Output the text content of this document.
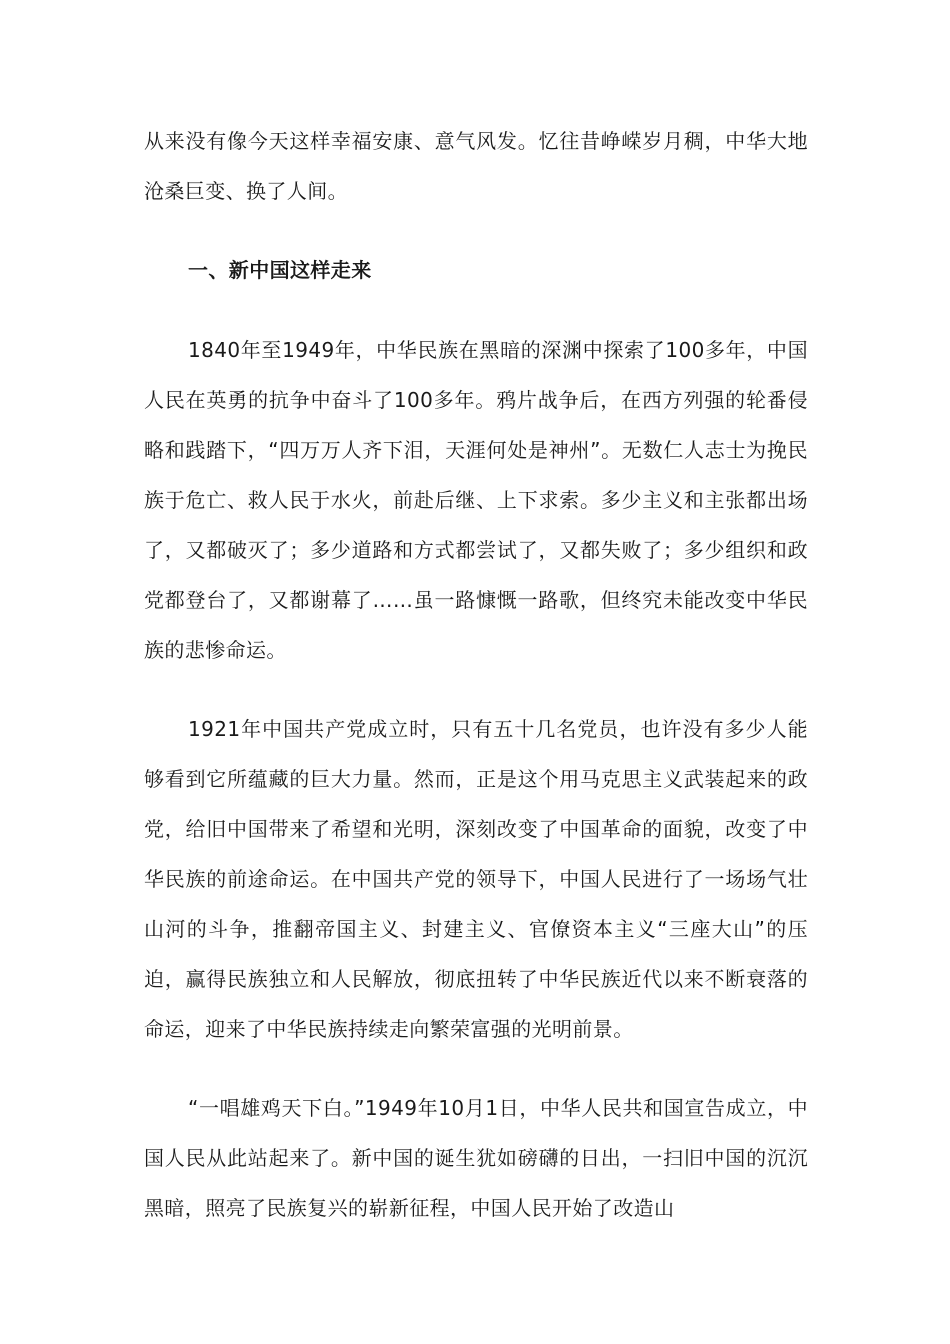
从来没有像今天这样幸福安康、意气风发。忆往昔峥嵘岁月稠，中华大地沧桑巨变、换了人间。

一、新中国这样走来

1840年至1949年，中华民族在黑暗的深渊中探索了100多年，中国人民在英勇的抗争中奋斗了100多年。鸦片战争后，在西方列强的轮番侵略和践踏下，“四万万人齐下泪，天涯何处是神州”。无数仁人志士为挽民族于危亡、救人民于水火，前赴后继、上下求索。多少主义和主张都出场了，又都破灭了；多少道路和方式都尝试了，又都失败了；多少组织和政党都登台了，又都谢幕了……虽一路慷慨一路歌，但终究未能改变中华民族的悲惨命运。

1921年中国共产党成立时，只有五十几名党员，也许没有多少人能够看到它所蕴藏的巨大力量。然而，正是这个用马克思主义武装起来的政党，给旧中国带来了希望和光明，深刻改变了中国革命的面貌，改变了中华民族的前途命运。在中国共产党的领导下，中国人民进行了一场场气壮山河的斗争，推翻帝国主义、封建主义、官僚资本主义“三座大山”的压迫，赢得民族独立和人民解放，彻底扭转了中华民族近代以来不断衰落的命运，迎来了中华民族持续走向繁荣富强的光明前景。

“一唱雄鸡天下白。”1949年10月1日，中华人民共和国宣告成立，中国人民从此站起来了。新中国的诞生犹如磅礴的日出，一扫旧中国的沉沉黑暗，照亮了民族复兴的崭新征程，中国人民开始了改造山
